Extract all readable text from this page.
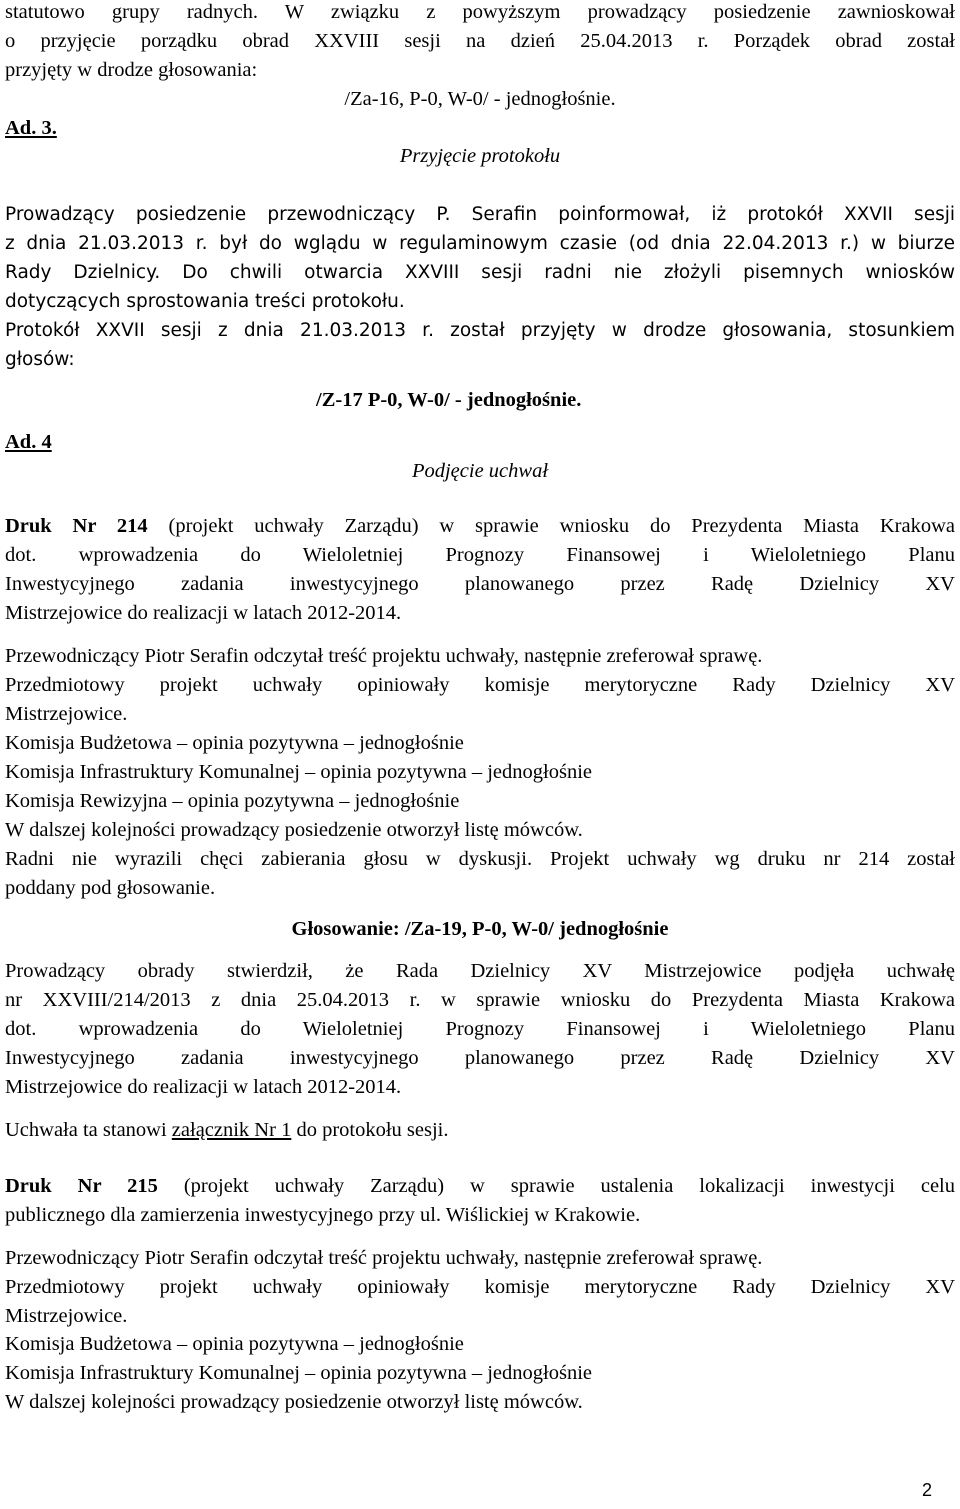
statutowo grupy radnych. W związku z powyższym prowadzący posiedzenie zawnioskował

o przyjęcie porządku obrad XXVIII sesji na dzień 25.04.2013 r. Porządek obrad został

przyjęty w drodze głosowania:

/Za-16, P-0, W-0/ - jednogłośnie.

Ad. 3.

Przyjęcie protokołu

Prowadzący posiedzenie przewodniczący P. Serafin poinformował, iż protokół XXVII sesji

z dnia 21.03.2013 r. był do wglądu w regulaminowym czasie (od dnia 22.04.2013 r.) w biurze

Rady Dzielnicy. Do chwili otwarcia XXVIII sesji radni nie złożyli pisemnych wniosków

dotyczących sprostowania treści protokołu.

Protokół XXVII sesji z dnia 21.03.2013 r. został przyjęty w drodze głosowania, stosunkiem

głosów:

/Z-17 P-0, W-0/ - jednogłośnie.

Ad. 4

Podjęcie uchwał

Druk Nr 214 (projekt uchwały Zarządu) w sprawie wniosku do Prezydenta Miasta Krakowa

dot. wprowadzenia do Wieloletniej Prognozy Finansowej i Wieloletniego Planu

Inwestycyjnego zadania inwestycyjnego planowanego przez Radę Dzielnicy XV

Mistrzejowice do realizacji w latach 2012-2014.

Przewodniczący Piotr Serafin odczytał treść projektu uchwały, następnie zreferował sprawę.

Przedmiotowy projekt uchwały opiniowały komisje merytoryczne Rady Dzielnicy XV

Mistrzejowice.

Komisja Budżetowa – opinia pozytywna – jednogłośnie

Komisja Infrastruktury Komunalnej – opinia pozytywna – jednogłośnie

Komisja Rewizyjna – opinia pozytywna – jednogłośnie

W dalszej kolejności prowadzący posiedzenie otworzył listę mówców.

Radni nie wyrazili chęci zabierania głosu w dyskusji. Projekt uchwały wg druku nr 214 został

poddany pod głosowanie.

Głosowanie: /Za-19, P-0, W-0/ jednogłośnie

Prowadzący obrady stwierdził, że Rada Dzielnicy XV Mistrzejowice podjęła uchwałę

nr XXVIII/214/2013 z dnia 25.04.2013 r. w sprawie wniosku do Prezydenta Miasta Krakowa

dot. wprowadzenia do Wieloletniej Prognozy Finansowej i Wieloletniego Planu

Inwestycyjnego zadania inwestycyjnego planowanego przez Radę Dzielnicy XV

Mistrzejowice do realizacji w latach 2012-2014.

Uchwała ta stanowi załącznik Nr 1 do protokołu sesji.

Druk Nr 215 (projekt uchwały Zarządu) w sprawie ustalenia lokalizacji inwestycji celu

publicznego dla zamierzenia inwestycyjnego przy ul. Wiślickiej w Krakowie.

Przewodniczący Piotr Serafin odczytał treść projektu uchwały, następnie zreferował sprawę.

Przedmiotowy projekt uchwały opiniowały komisje merytoryczne Rady Dzielnicy XV

Mistrzejowice.

Komisja Budżetowa – opinia pozytywna – jednogłośnie

Komisja Infrastruktury Komunalnej – opinia pozytywna – jednogłośnie

W dalszej kolejności prowadzący posiedzenie otworzył listę mówców.

2
